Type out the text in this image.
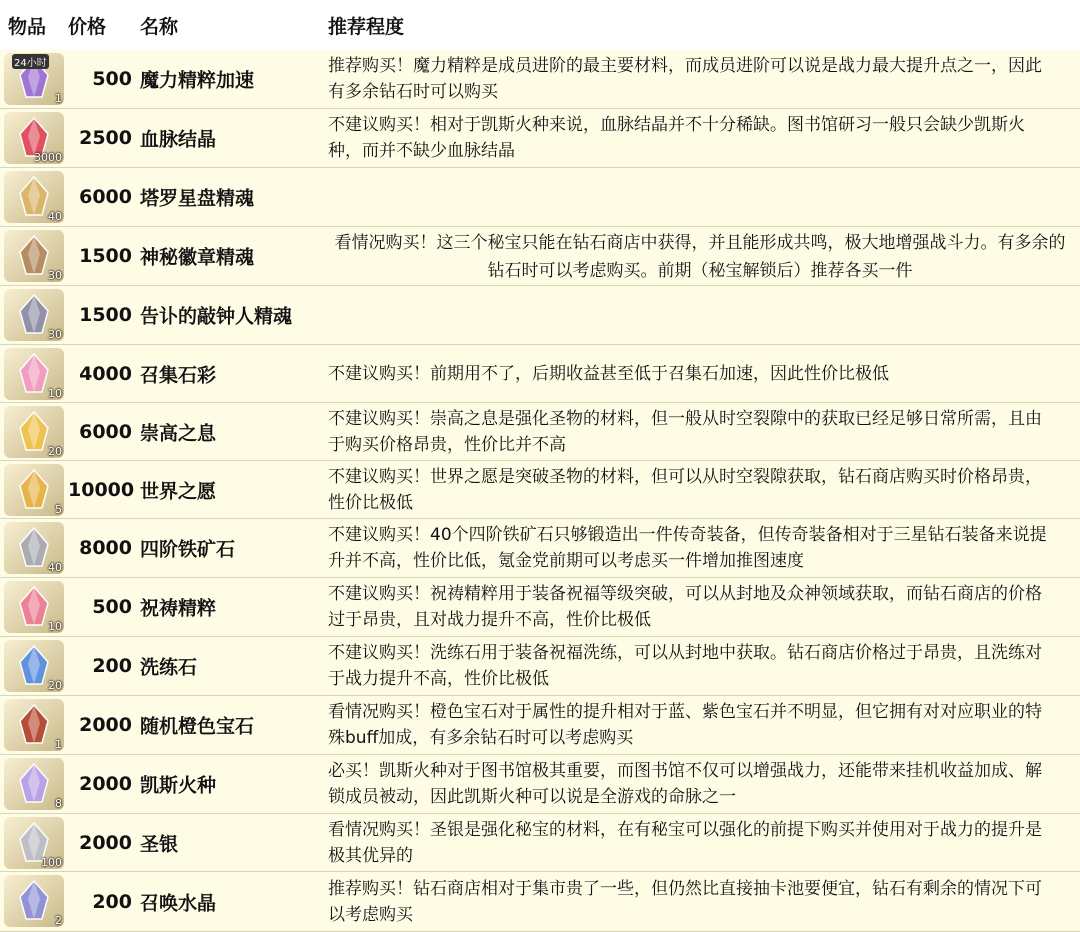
物品 价格 名称	推荐程度
24小时
1
500 魔力精粹加速
推荐购买！魔力精粹是成员进阶的最主要材料，而成员进阶可以说是战力最大提升点之一，因此有多余钻石时可以购买
3000
2500 血脉结晶
不建议购买！相对于凯斯火种来说，血脉结晶并不十分稀缺。图书馆研习一般只会缺少凯斯火种，而并不缺少血脉结晶
40
6000 塔罗星盘精魂
30
1500 神秘徽章精魂
30
1500 告讣的敲钟人精魂
10
4000 召集石彩	不建议购买！前期用不了，后期收益甚至低于召集石加速，因此性价比极低
20
6000 崇高之息
不建议购买！崇高之息是强化圣物的材料，但一般从时空裂隙中的获取已经足够日常所需，且由于购买价格昂贵，性价比并不高
5
10000 世界之愿
不建议购买！世界之愿是突破圣物的材料，但可以从时空裂隙获取，钻石商店购买时价格昂贵，性价比极低
40
8000 四阶铁矿石
不建议购买！40个四阶铁矿石只够锻造出一件传奇装备，但传奇装备相对于三星钻石装备来说提升并不高，性价比低，氪金党前期可以考虑买一件增加推图速度
10
500 祝祷精粹
不建议购买！祝祷精粹用于装备祝福等级突破，可以从封地及众神领域获取，而钻石商店的价格过于昂贵，且对战力提升不高，性价比极低
20
200 洗练石
不建议购买！洗练石用于装备祝福洗练，可以从封地中获取。钻石商店价格过于昂贵，且洗练对于战力提升不高，性价比极低
1
2000 随机橙色宝石
看情况购买！橙色宝石对于属性的提升相对于蓝、紫色宝石并不明显，但它拥有对对应职业的特殊buff加成，有多余钻石时可以考虑购买
8
2000 凯斯火种
必买！凯斯火种对于图书馆极其重要，而图书馆不仅可以增强战力，还能带来挂机收益加成、解锁成员被动，因此凯斯火种可以说是全游戏的命脉之一
100
2000 圣银
看情况购买！圣银是强化秘宝的材料，在有秘宝可以强化的前提下购买并使用对于战力的提升是极其优异的
2
200 召唤水晶
推荐购买！钻石商店相对于集市贵了一些，但仍然比直接抽卡池要便宜，钻石有剩余的情况下可以考虑购买
看情况购买！这三个秘宝只能在钻石商店中获得，并且能形成共鸣，极大地增强战斗力。有多余的钻石时可以考虑购买。前期（秘宝解锁后）推荐各买一件
